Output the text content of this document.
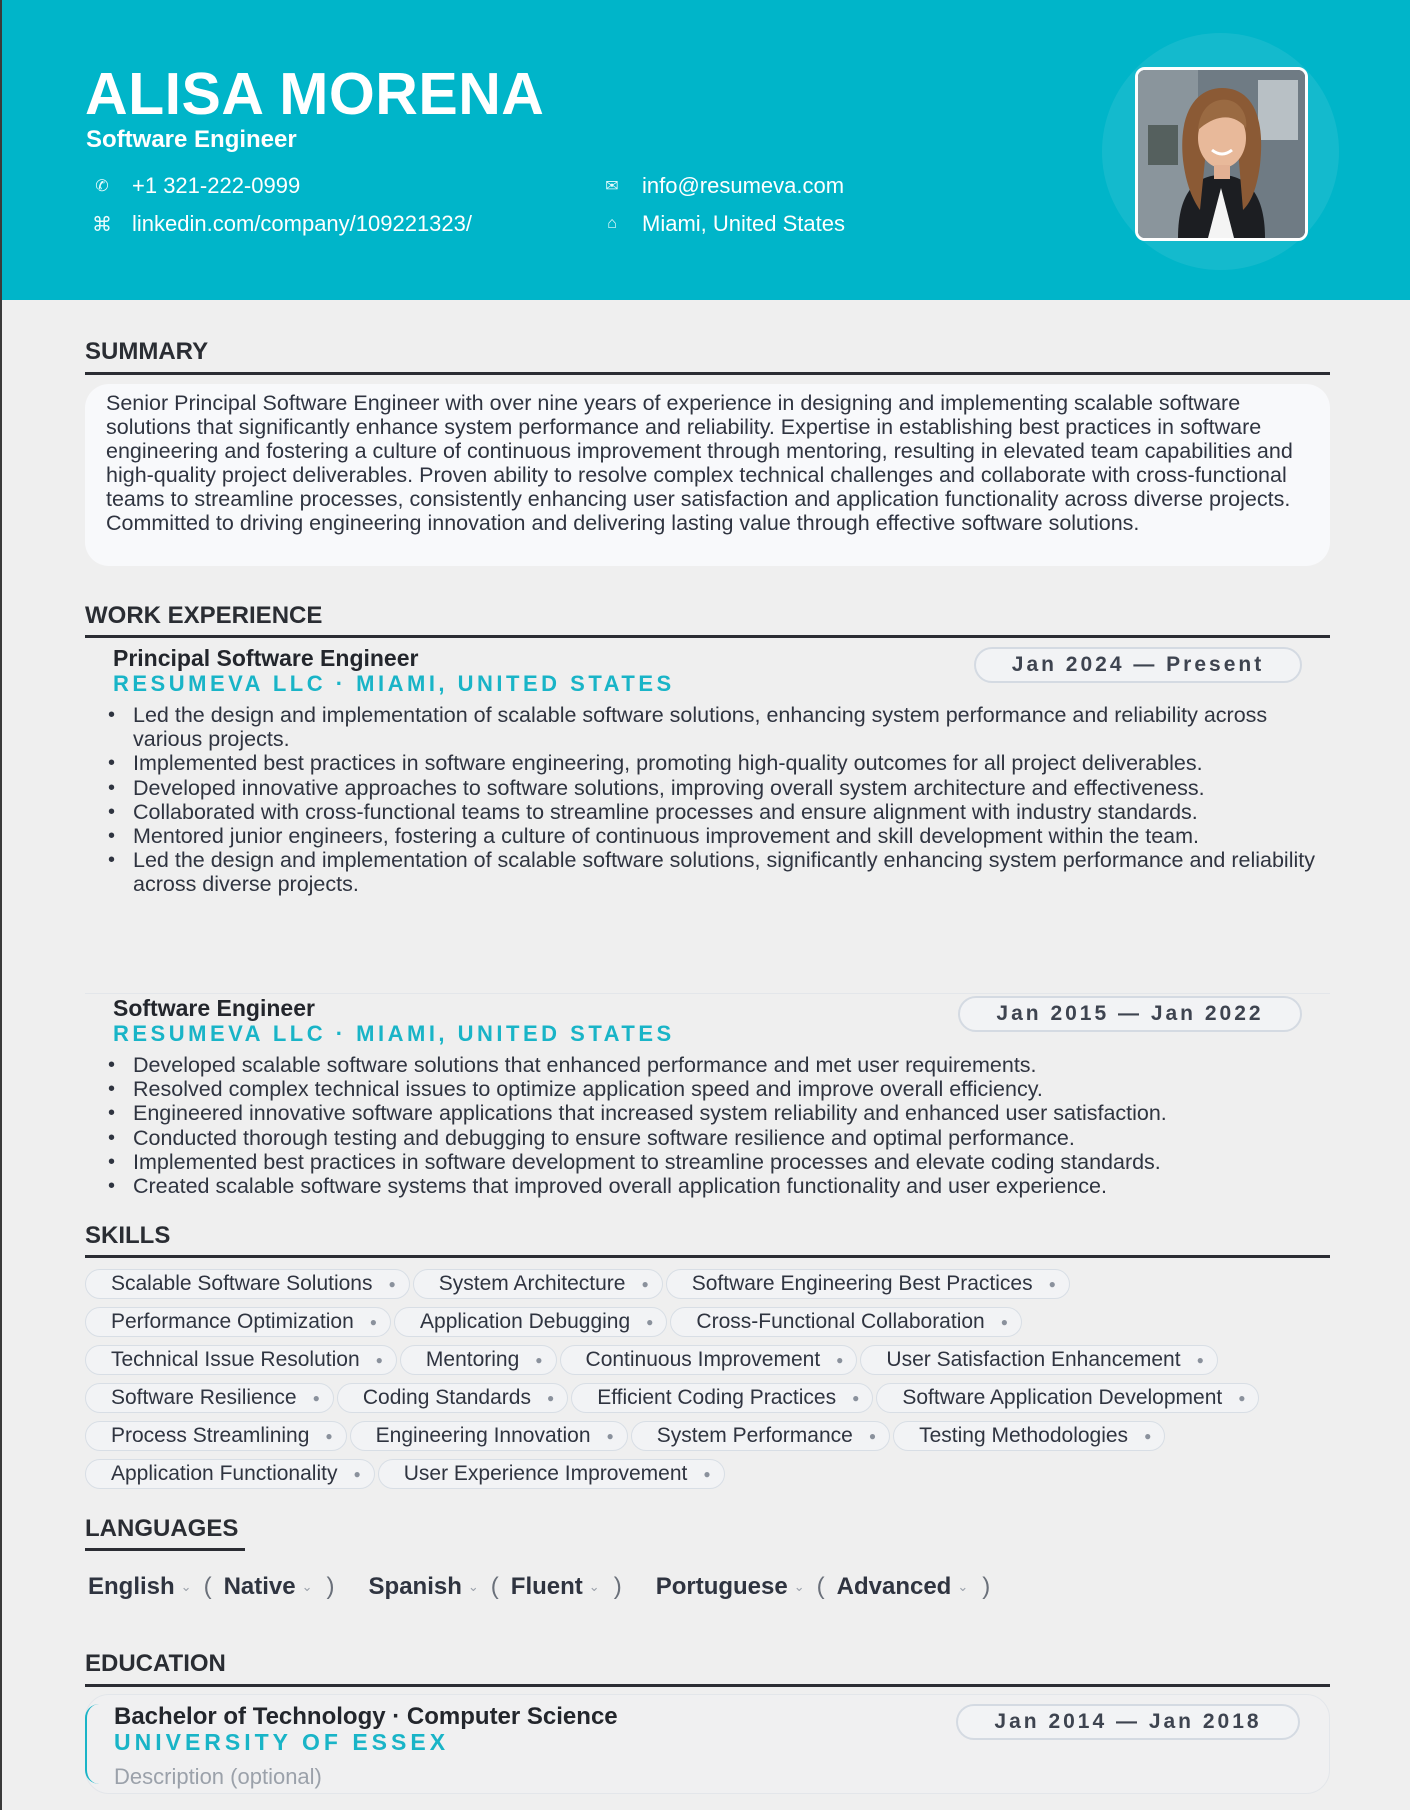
ALISA MORENA
Software Engineer
✆ +1 321-222-0999
⌘ linkedin.com/company/109221323/
✉ info@resumeva.com
⌂	Miami, United States
SUMMARY
Senior Principal Software Engineer with over nine years of experience in designing and implementing scalable software solutions that significantly enhance system performance and reliability. Expertise in establishing best practices in software engineering and fostering a culture of continuous improvement through mentoring, resulting in elevated team capabilities and high-quality project deliverables. Proven ability to resolve complex technical challenges and collaborate with cross-functional teams to streamline processes, consistently enhancing user satisfaction and application functionality across diverse projects. Committed to driving engineering innovation and delivering lasting value through effective software solutions.
WORK EXPERIENCE
Principal Software Engineer
RESUMEVA LLC · MIAMI, UNITED STATES
Jan 2024 — Present
• Led the design and implementation of scalable software solutions, enhancing system performance and reliability across various projects.
• Implemented best practices in software engineering, promoting high-quality outcomes for all project deliverables.
• Developed innovative approaches to software solutions, improving overall system architecture and effectiveness.
• Collaborated with cross-functional teams to streamline processes and ensure alignment with industry standards.
• Mentored junior engineers, fostering a culture of continuous improvement and skill development within the team.
• Led the design and implementation of scalable software solutions, significantly enhancing system performance and reliability across diverse projects.
Software Engineer
RESUMEVA LLC · MIAMI, UNITED STATES
Jan 2015 — Jan 2022
• Developed scalable software solutions that enhanced performance and met user requirements.
• Resolved complex technical issues to optimize application speed and improve overall efficiency.
• Engineered innovative software applications that increased system reliability and enhanced user satisfaction.
• Conducted thorough testing and debugging to ensure software resilience and optimal performance.
• Implemented best practices in software development to streamline processes and elevate coding standards.
• Created scalable software systems that improved overall application functionality and user experience.
SKILLS
Scalable Software Solutions ● System Architecture ● Software Engineering Best Practices ●
Performance Optimization ● Application Debugging ● Cross-Functional Collaboration ●
Technical Issue Resolution ● Mentoring ● Continuous Improvement ● User Satisfaction Enhancement ●
Software Resilience ● Coding Standards ● Efficient Coding Practices ● Software Application Development ●
Process Streamlining ● Engineering Innovation ● System Performance ● Testing Methodologies ●
Application Functionality ● User Experience Improvement ●
LANGUAGES
English ⌄ ( Native ⌄ ) Spanish ⌄ ( Fluent ⌄ ) Portuguese ⌄ ( Advanced ⌄ )
EDUCATION
Bachelor of Technology · Computer Science
UNIVERSITY OF ESSEX
Jan 2014 — Jan 2018
Description (optional)
